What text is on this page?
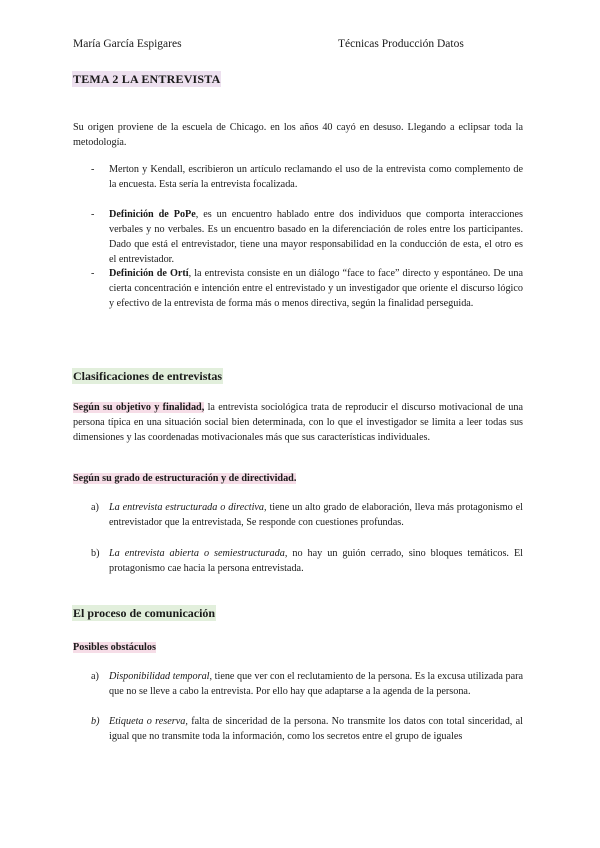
María García Espigares	Técnicas Producción Datos
TEMA 2 LA ENTREVISTA
Su origen proviene de la escuela de Chicago. en los años 40 cayó en desuso. Llegando a eclipsar toda la metodología.
- Merton y Kendall, escribieron un artículo reclamando el uso de la entrevista como complemento de la encuesta. Esta sería la entrevista focalizada.
- Definición de PoPe, es un encuentro hablado entre dos individuos que comporta interacciones verbales y no verbales. Es un encuentro basado en la diferenciación de roles entre los participantes. Dado que está el entrevistador, tiene una mayor responsabilidad en la conducción de esta, el otro es el entrevistador.
- Definición de Ortí, la entrevista consiste en un diálogo “face to face” directo y espontáneo. De una cierta concentración e intención entre el entrevistado y un investigador que oriente el discurso lógico y efectivo de la entrevista de forma más o menos directiva, según la finalidad perseguida.
Clasificaciones de entrevistas
Según su objetivo y finalidad, la entrevista sociológica trata de reproducir el discurso motivacional de una persona típica en una situación social bien determinada, con lo que el investigador se limita a leer todas sus dimensiones y las coordenadas motivacionales más que sus características individuales.
Según su grado de estructuración y de directividad.
a) La entrevista estructurada o directiva, tiene un alto grado de elaboración, lleva más protagonismo el entrevistador que la entrevistada, Se responde con cuestiones profundas.
b) La entrevista abierta o semiestructurada, no hay un guión cerrado, sino bloques temáticos. El protagonismo cae hacia la persona entrevistada.
El proceso de comunicación
Posibles obstáculos
a) Disponibilidad temporal, tiene que ver con el reclutamiento de la persona. Es la excusa utilizada para que no se lleve a cabo la entrevista. Por ello hay que adaptarse a la agenda de la persona.
b) Etiqueta o reserva, falta de sinceridad de la persona. No transmite los datos con total sinceridad, al igual que no transmite toda la información, como los secretos entre el grupo de iguales
